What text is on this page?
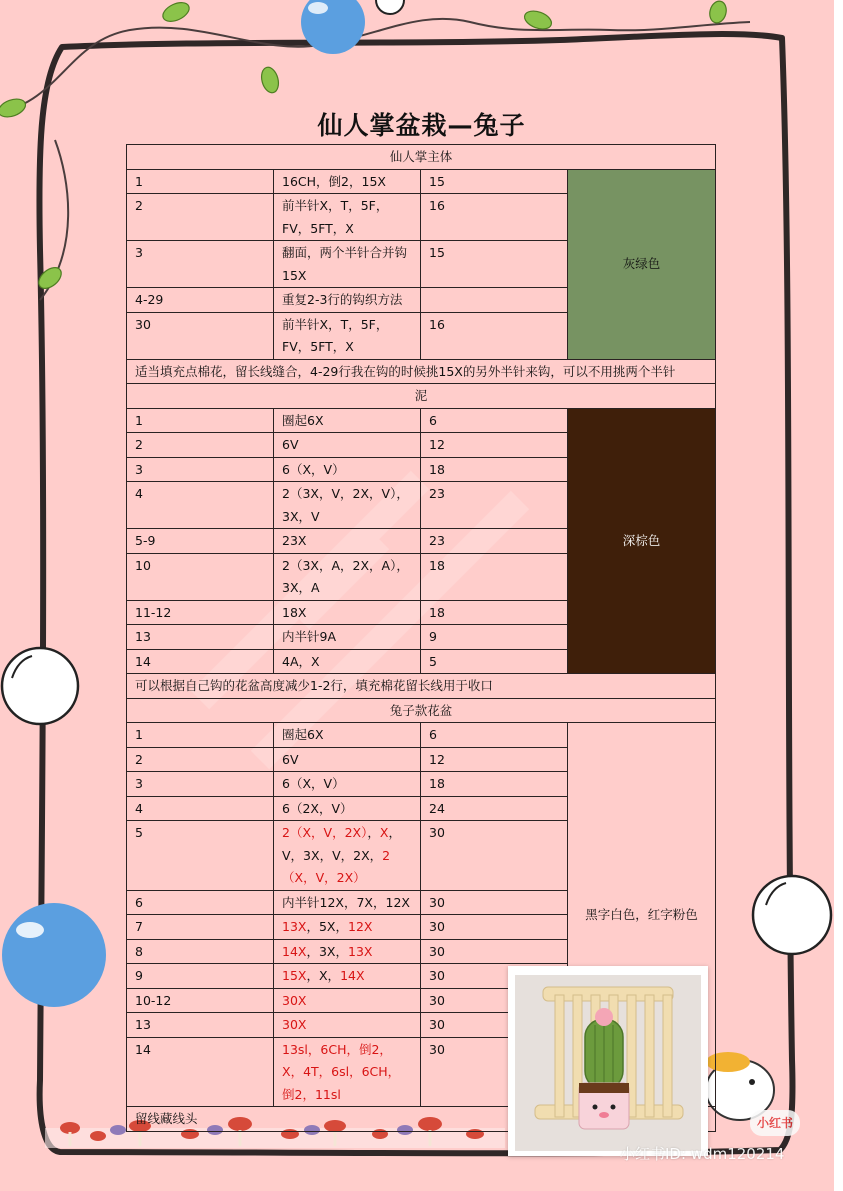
仙人掌盆栽—兔子
仙人掌主体			
1	16CH，倒2，15X	15	灰绿色
2	前半针X，T，5F，FV，5FT，X	16	
3	翻面，两个半针合并钩15X	15	
4-29	重复2-3行的钩织方法		
30	前半针X，T，5F，FV，5FT，X	16	
适当填充点棉花，留长线缝合，4-29行我在钩的时候挑15X的另外半针来钩，可以不用挑两个半针			
泥			
1	圈起6X	6	深棕色
2	6V	12	
3	6（X，V）	18	
4	2（3X，V，2X，V），3X，V	23	
5-9	23X	23	
10	2（3X，A，2X，A），3X，A	18	
11-12	18X	18	
13	内半针9A	9	
14	4A，X	5	
可以根据自己钩的花盆高度减少1-2行，填充棉花留长线用于收口			
兔子款花盆			
1	圈起6X	6	黑字白色，红字粉色
2	6V	12	
3	6（X，V）	18	
4	6（2X，V）	24	
5	2（X，V，2X），X，V，3X，V，2X，2（X，V，2X）	30	
6	内半针12X，7X，12X	30	
7	13X，5X，12X	30	
8	14X，3X，13X	30	
9	15X，X，14X	30	
10-12	30X	30	
13	30X	30	
14	13sl，6CH，倒2，X，4T，6sl，6CH，倒2，11sl	30	
留线藏线头				小红书
小红书ID: wdm120214
